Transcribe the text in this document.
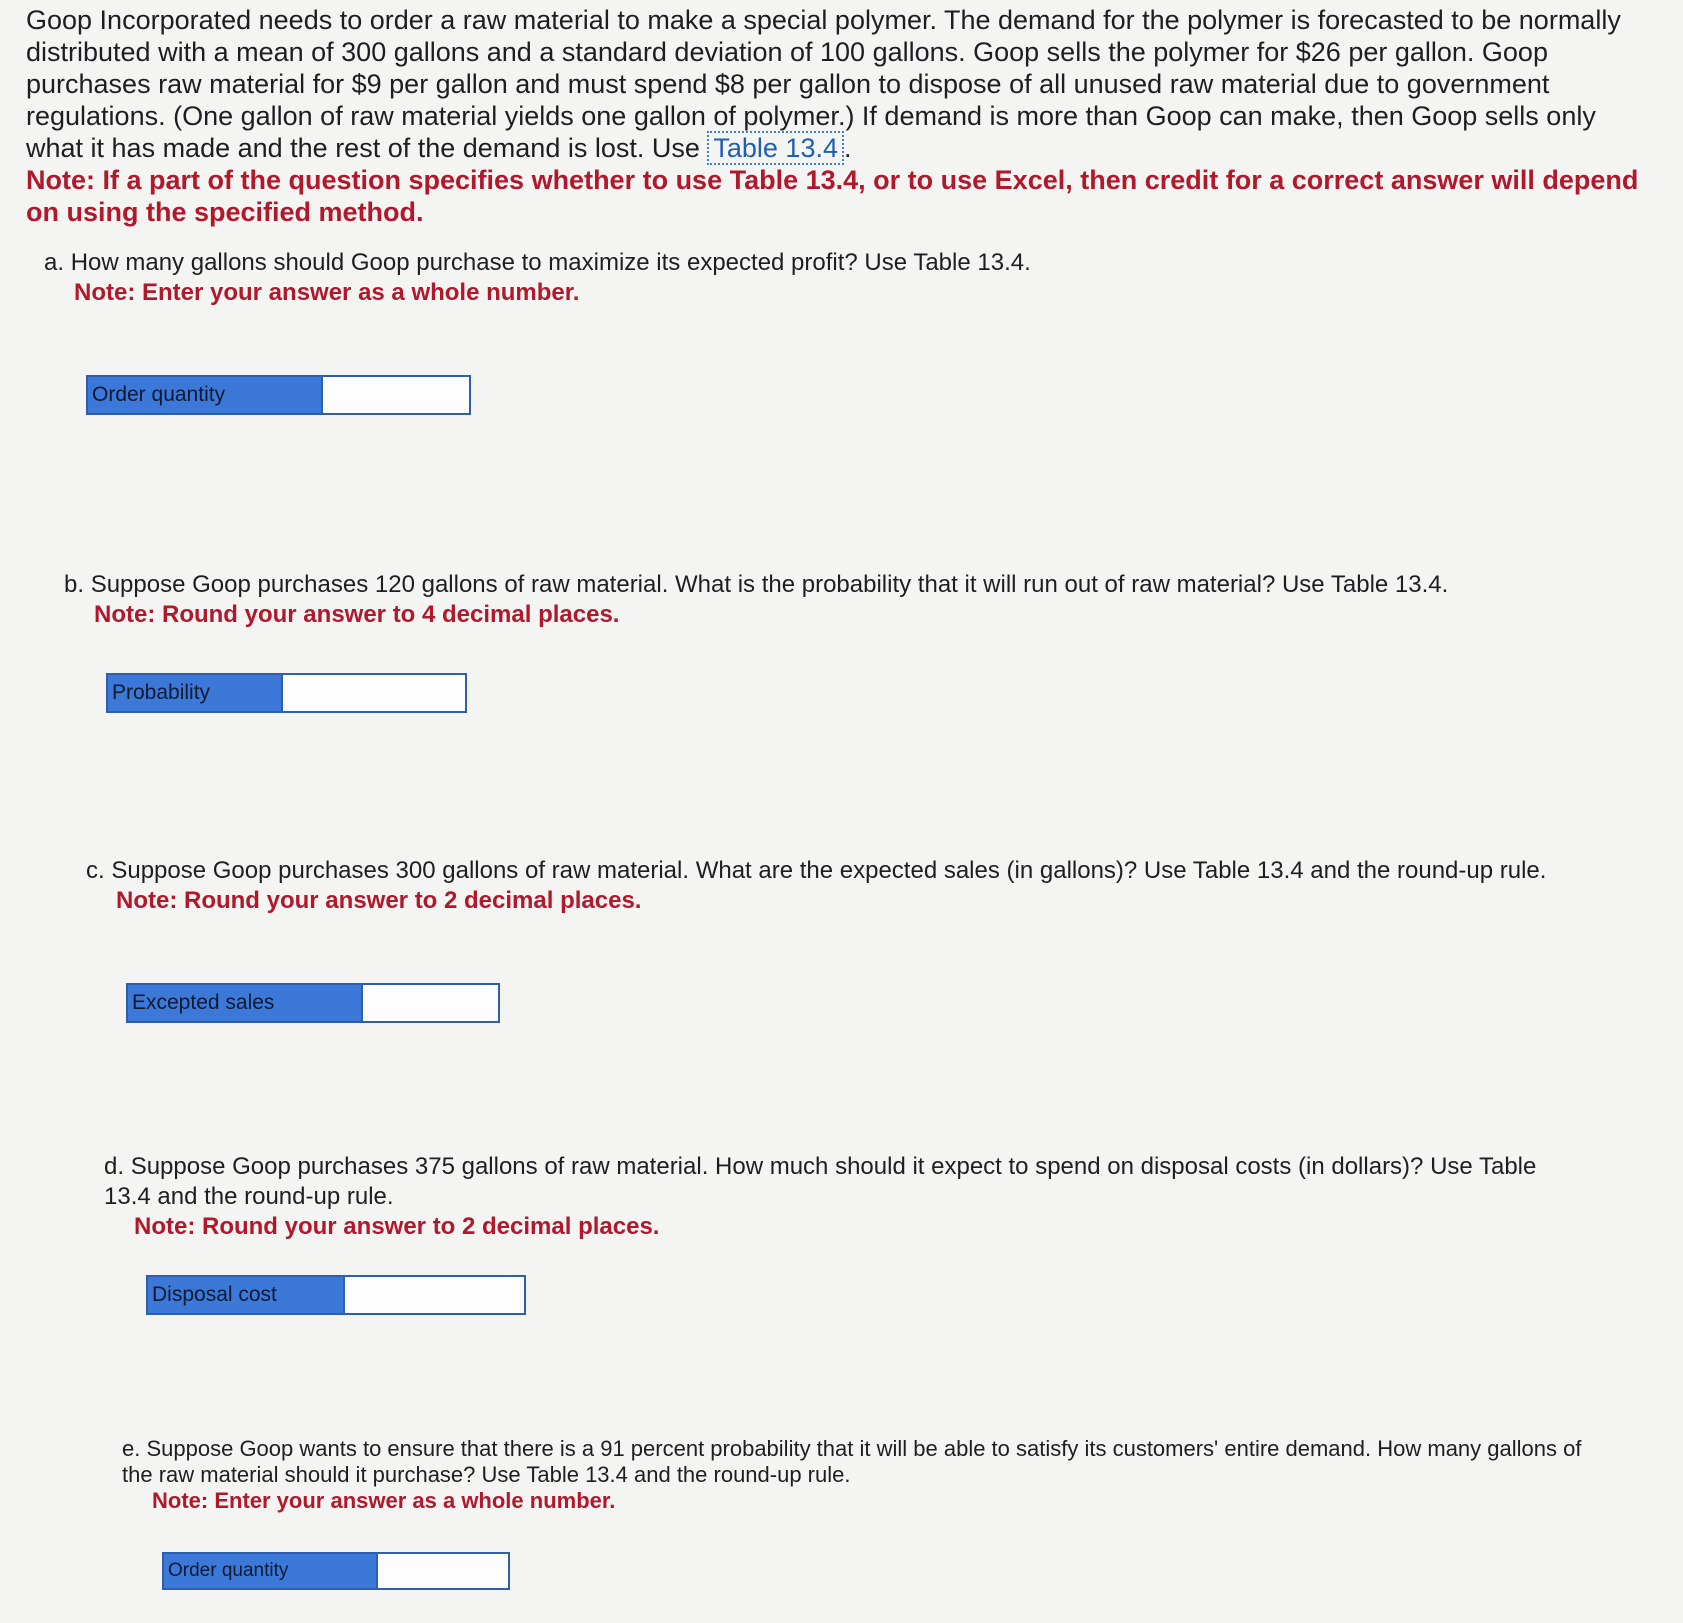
Goop Incorporated needs to order a raw material to make a special polymer. The demand for the polymer is forecasted to be normally distributed with a mean of 300 gallons and a standard deviation of 100 gallons. Goop sells the polymer for $26 per gallon. Goop purchases raw material for $9 per gallon and must spend $8 per gallon to dispose of all unused raw material due to government regulations. (One gallon of raw material yields one gallon of polymer.) If demand is more than Goop can make, then Goop sells only what it has made and the rest of the demand is lost. Use Table 13.4 .

Note: If a part of the question specifies whether to use Table 13.4, or to use Excel, then credit for a correct answer will depend on using the specified method.

a. How many gallons should Goop purchase to maximize its expected profit? Use Table 13.4.

Note: Enter your answer as a whole number.

Order quantity

b. Suppose Goop purchases 120 gallons of raw material. What is the probability that it will run out of raw material? Use Table 13.4.

Note: Round your answer to 4 decimal places.

Probability

c. Suppose Goop purchases 300 gallons of raw material. What are the expected sales (in gallons)? Use Table 13.4 and the round-up rule.

Note: Round your answer to 2 decimal places.

Excepted sales

d. Suppose Goop purchases 375 gallons of raw material. How much should it expect to spend on disposal costs (in dollars)? Use Table 13.4 and the round-up rule.

Note: Round your answer to 2 decimal places.

Disposal cost

e. Suppose Goop wants to ensure that there is a 91 percent probability that it will be able to satisfy its customers' entire demand. How many gallons of the raw material should it purchase? Use Table 13.4 and the round-up rule.

Note: Enter your answer as a whole number.

Order quantity
